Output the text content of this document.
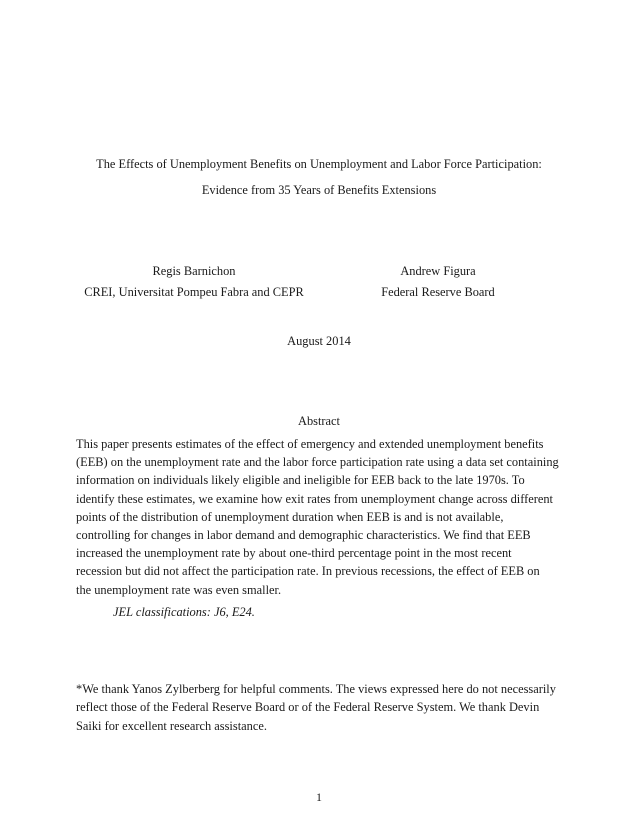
The Effects of Unemployment Benefits on Unemployment and Labor Force Participation:
Evidence from 35 Years of Benefits Extensions
Regis Barnichon
CREI, Universitat Pompeu Fabra and CEPR
Andrew Figura
Federal Reserve Board
August 2014
Abstract
This paper presents estimates of the effect of emergency and extended unemployment benefits
(EEB) on the unemployment rate and the labor force participation rate using a data set containing
information on individuals likely eligible and ineligible for EEB back to the late 1970s. To
identify these estimates, we examine how exit rates from unemployment change across different
points of the distribution of unemployment duration when EEB is and is not available,
controlling for changes in labor demand and demographic characteristics. We find that EEB
increased the unemployment rate by about one-third percentage point in the most recent
recession but did not affect the participation rate. In previous recessions, the effect of EEB on
the unemployment rate was even smaller.
JEL classifications: J6, E24.
*We thank Yanos Zylberberg for helpful comments. The views expressed here do not necessarily
reflect those of the Federal Reserve Board or of the Federal Reserve System. We thank Devin
Saiki for excellent research assistance.
1
